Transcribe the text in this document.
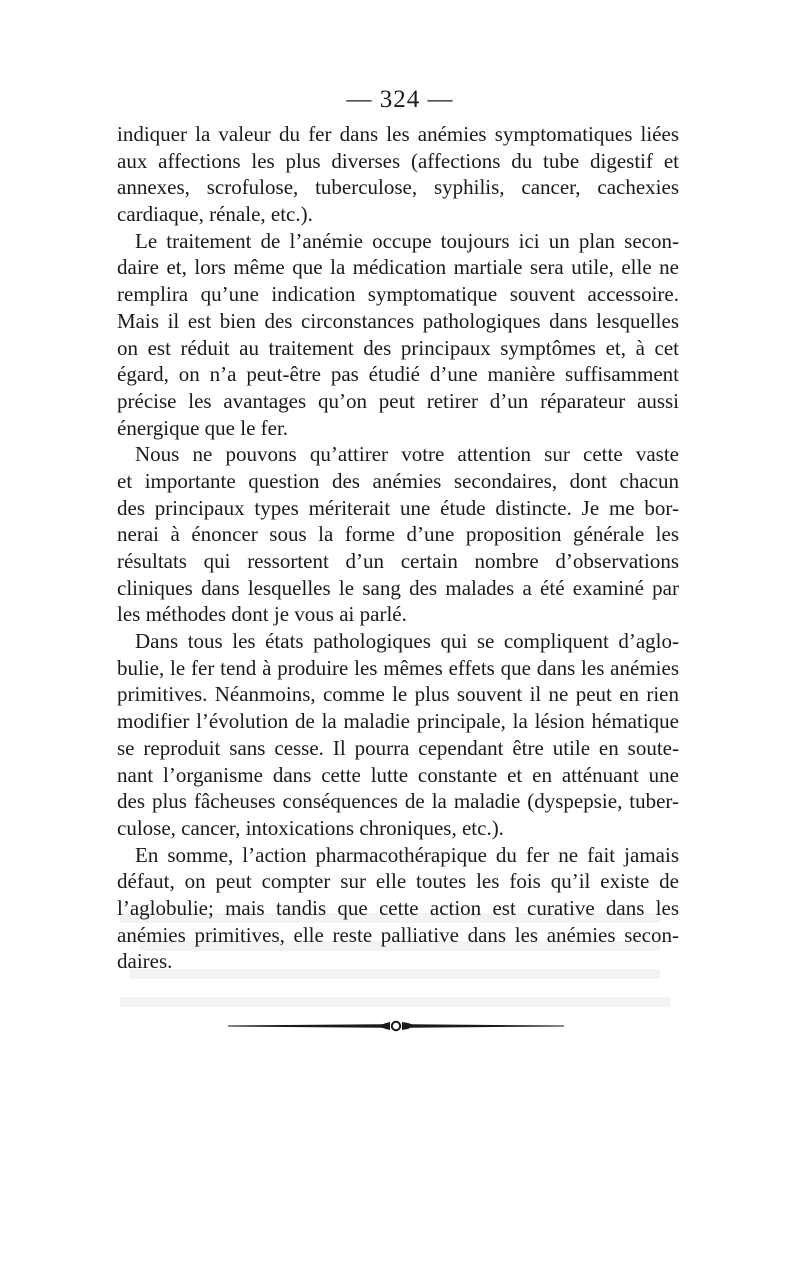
— 324 —
indiquer la valeur du fer dans les anémies symptomatiques liées
aux affections les plus diverses (affections du tube digestif et
annexes, scrofulose, tuberculose, syphilis, cancer, cachexies
cardiaque, rénale, etc.).
Le traitement de l’anémie occupe toujours ici un plan secon-
daire et, lors même que la médication martiale sera utile, elle ne
remplira qu’une indication symptomatique souvent accessoire.
Mais il est bien des circonstances pathologiques dans lesquelles
on est réduit au traitement des principaux symptômes et, à cet
égard, on n’a peut-être pas étudié d’une manière suffisamment
précise les avantages qu’on peut retirer d’un réparateur aussi
énergique que le fer.
Nous ne pouvons qu’attirer votre attention sur cette vaste
et importante question des anémies secondaires, dont chacun
des principaux types mériterait une étude distincte. Je me bor-
nerai à énoncer sous la forme d’une proposition générale les
résultats qui ressortent d’un certain nombre d’observations
cliniques dans lesquelles le sang des malades a été examiné par
les méthodes dont je vous ai parlé.
Dans tous les états pathologiques qui se compliquent d’aglo-
bulie, le fer tend à produire les mêmes effets que dans les anémies
primitives. Néanmoins, comme le plus souvent il ne peut en rien
modifier l’évolution de la maladie principale, la lésion hématique
se reproduit sans cesse. Il pourra cependant être utile en soute-
nant l’organisme dans cette lutte constante et en atténuant une
des plus fâcheuses conséquences de la maladie (dyspepsie, tuber-
culose, cancer, intoxications chroniques, etc.).
En somme, l’action pharmacothérapique du fer ne fait jamais
défaut, on peut compter sur elle toutes les fois qu’il existe de
l’aglobulie; mais tandis que cette action est curative dans les
anémies primitives, elle reste palliative dans les anémies secon-
daires.
